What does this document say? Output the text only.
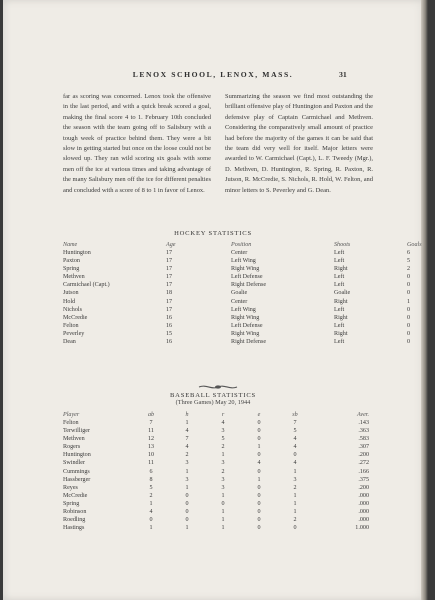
LENOX SCHOOL, LENOX, MASS.	31
far as scoring was concerned. Lenox took the offensive in the last period, and with a quick break scored a goal, making the final score 4 to 1. February 10th concluded the season with the team going off to Salisbury with a tough week of practice behind them. They were a bit slow in getting started but once on the loose could not be slowed up. They ran wild scoring six goals with some men off the ice at various times and taking advantage of the many Salisbury men off the ice for different penalties and concluded with a score of 8 to 1 in favor of Lenox.
Summarizing the season we find most outstanding the brilliant offensive play of Huntington and Paxton and the defensive play of Captain Carmichael and Methven. Considering the comparatively small amount of practice had before the majority of the games it can be said that the team did very well for itself. Major letters were awarded to W. Carmichael (Capt.), L. F. Tweedy (Mgr.), D. Methven, D. Huntington, R. Spring, R. Paxton, R. Jutson, R. McCredie, S. Nichols, R. Hold, W. Felton, and minor letters to S. Peverley and G. Dean.
HOCKEY STATISTICS
Name	Age	Position	Shoots	Goals
Huntington	17	Center	Left	6
Paxton	17	Left Wing	Left	5
Spring	17	Right Wing	Right	2
Methven	17	Left Defense	Left	0
Carmichael (Capt.)	17	Right Defense	Left	0
Jutson	18	Goalie	Goalie	0
Hold	17	Center	Right	1
Nichols	17	Left Wing	Left	0
McCredie	16	Right Wing	Right	0
Felton	16	Left Defense	Left	0
Peverley	15	Right Wing	Right	0
Dean	16	Right Defense	Left	0
BASEBALL STATISTICS
(Three Games) May 20, 1944
Player	ab	h	r	e	sb	Aver.
Felton	7	1	4	0	7	.143
Terwilliger	11	4	3	0	5	.363
Methven	12	7	5	0	4	.583
Rogers	13	4	2	1	4	.307
Huntington	10	2	1	0	0	.200
Swindler	11	3	3	4	4	.272
Cummings	6	1	2	0	1	.166
Hassberger	8	3	3	1	3	.375
Reyes	5	1	3	0	2	.200
McCredie	2	0	1	0	1	.000
Spring	1	0	0	0	1	.000
Robinson	4	0	1	0	1	.000
Roedling	0	0	1	0	2	.000
Hastings	1	1	1	0	0	1.000
